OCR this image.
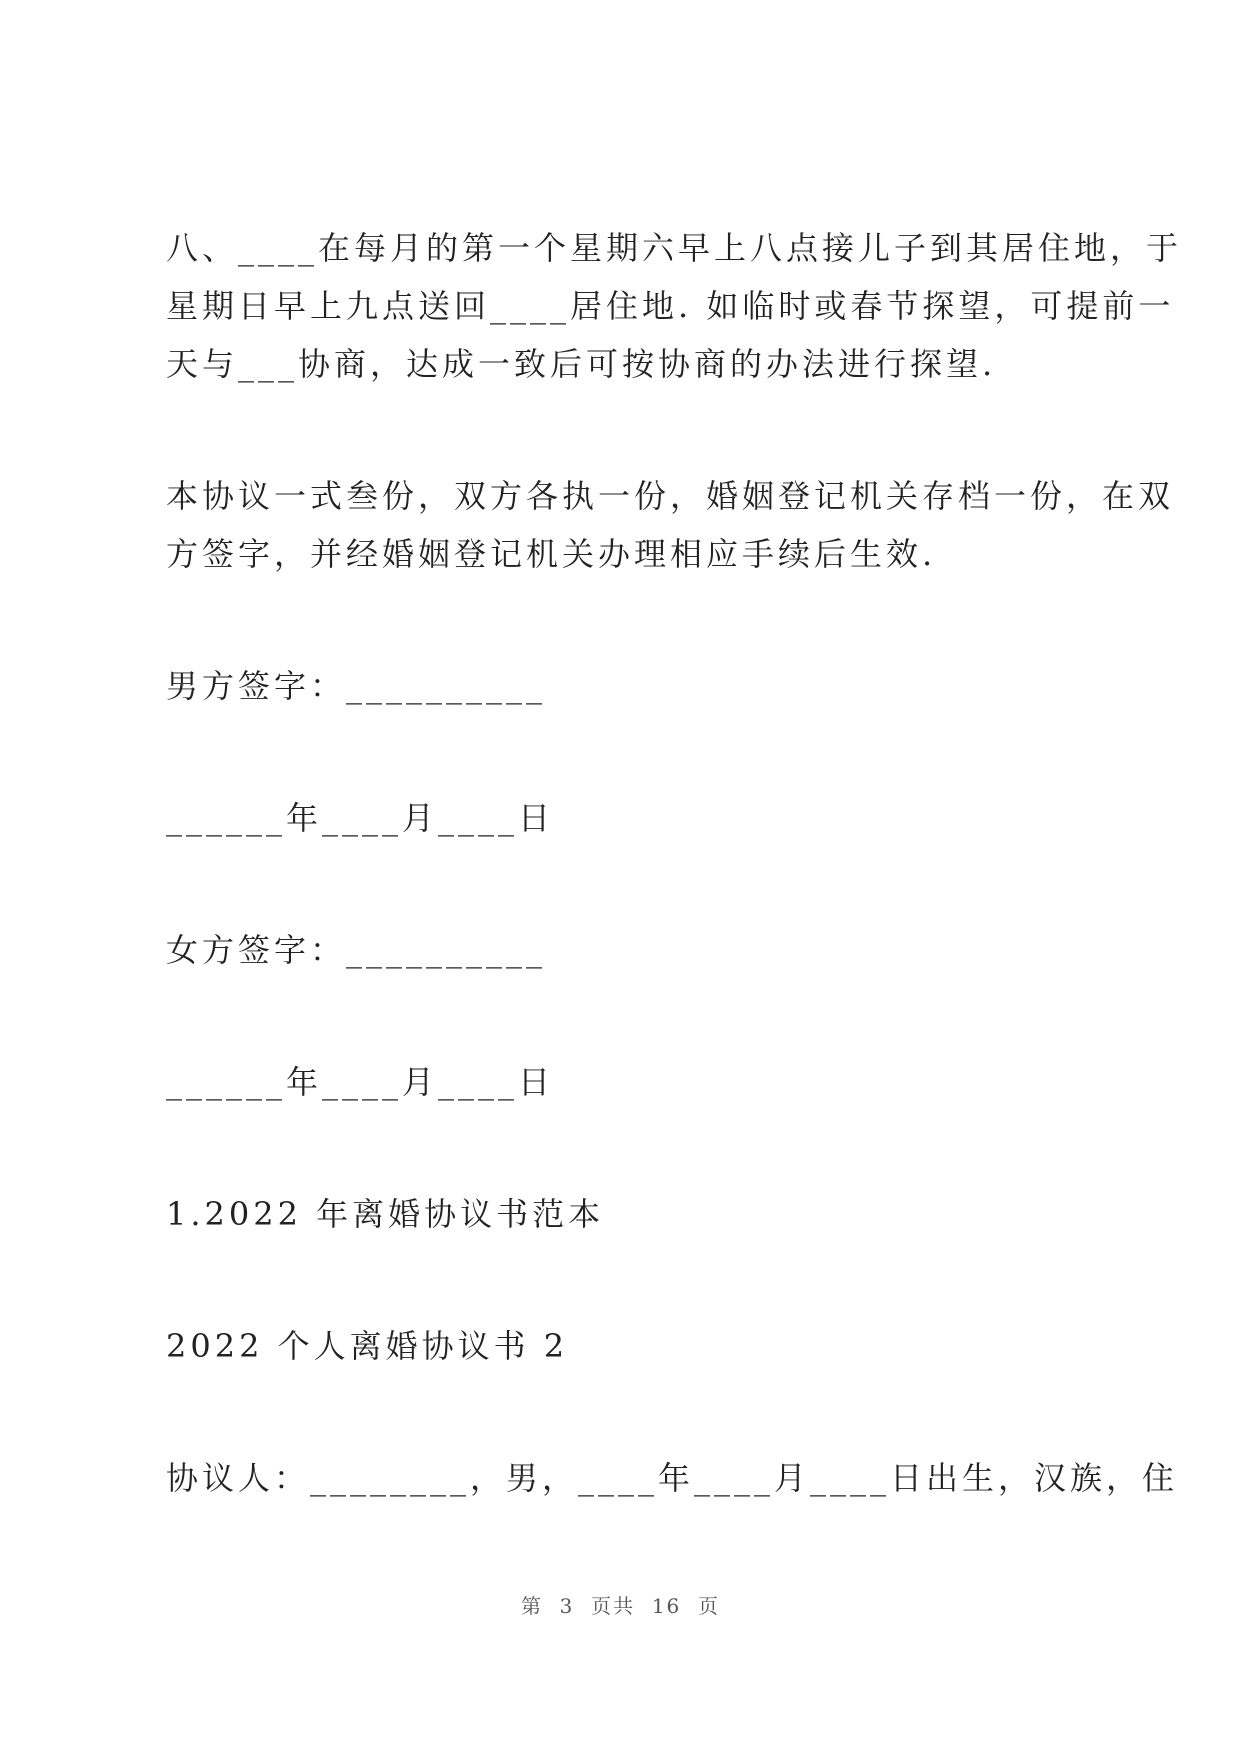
八、____在每月的第一个星期六早上八点接儿子到其居住地，于
星期日早上九点送回____居住地. 如临时或春节探望，可提前一
天与___协商，达成一致后可按协商的办法进行探望.
本协议一式叁份，双方各执一份，婚姻登记机关存档一份，在双
方签字，并经婚姻登记机关办理相应手续后生效.
男方签字：__________
______年____月____日
女方签字：__________
______年____月____日
1.2022 年离婚协议书范本
2022 个人离婚协议书 2
协议人：________，男，____年____月____日出生，汉族，住
第  3  页共  16  页
